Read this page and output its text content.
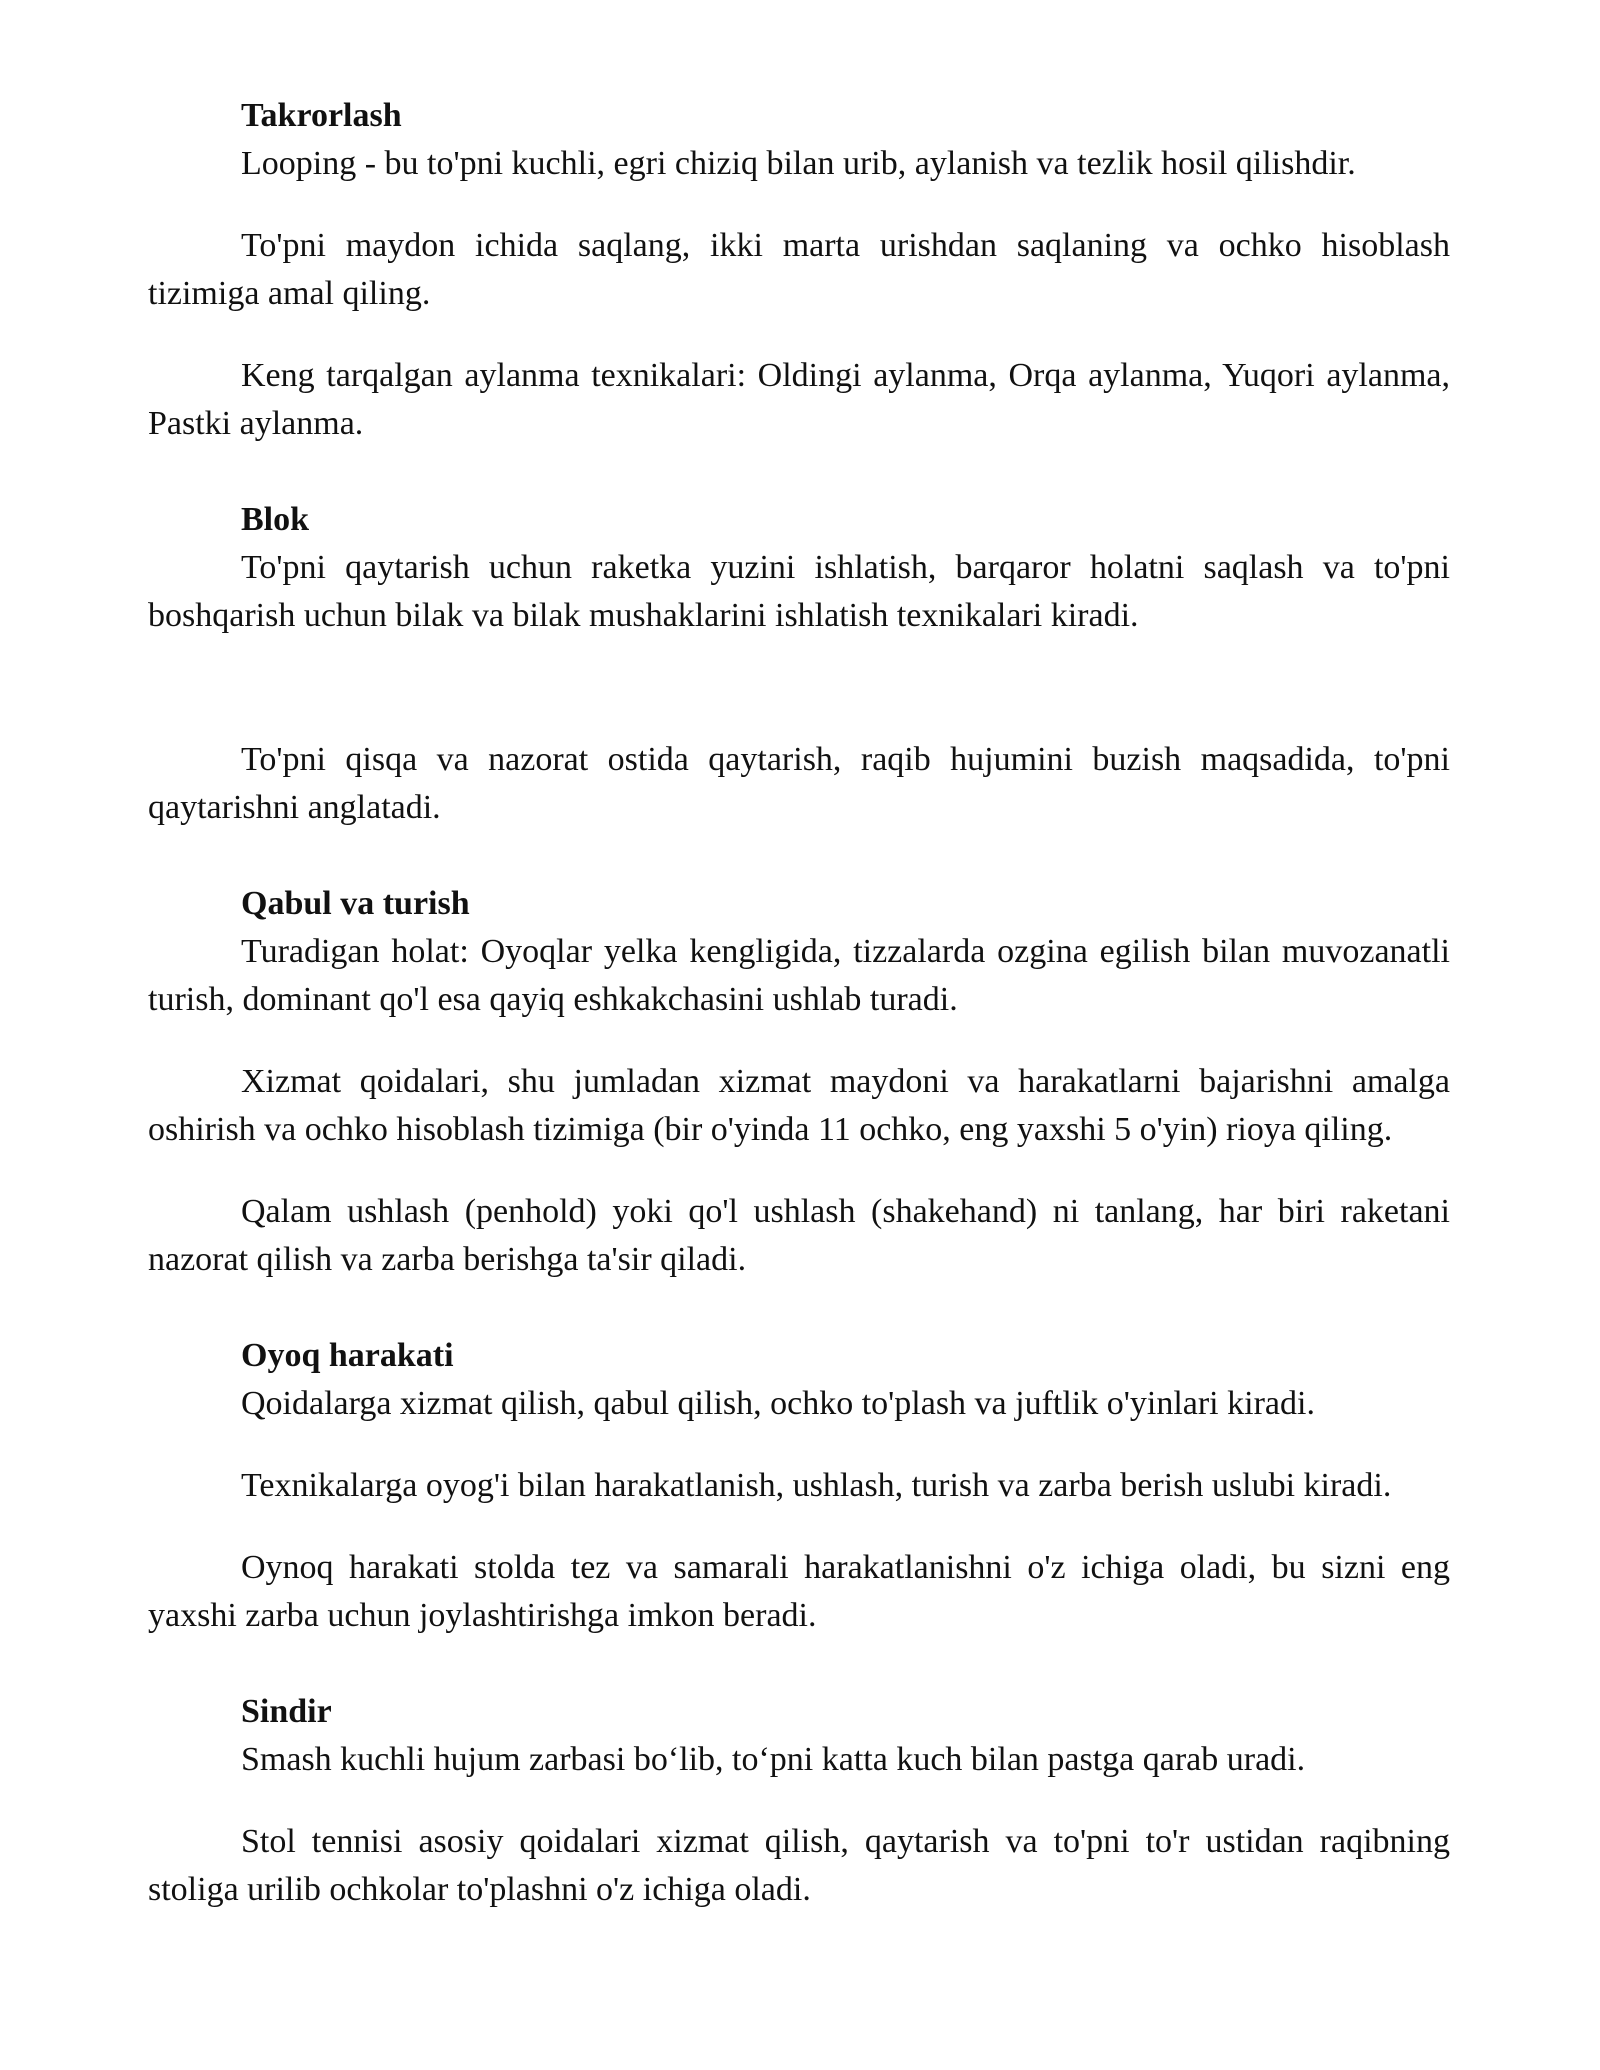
Takrorlash

Looping - bu to'pni kuchli, egri chiziq bilan urib, aylanish va tezlik hosil qilishdir.

To'pni maydon ichida saqlang, ikki marta urishdan saqlaning va ochko hisoblash tizimiga amal qiling.

Keng tarqalgan aylanma texnikalari: Oldingi aylanma, Orqa aylanma, Yuqori aylanma, Pastki aylanma.

Blok

To'pni qaytarish uchun raketka yuzini ishlatish, barqaror holatni saqlash va to'pni boshqarish uchun bilak va bilak mushaklarini ishlatish texnikalari kiradi.

To'pni qisqa va nazorat ostida qaytarish, raqib hujumini buzish maqsadida, to'pni qaytarishni anglatadi.

Qabul va turish

Turadigan holat: Oyoqlar yelka kengligida, tizzalarda ozgina egilish bilan muvozanatli turish, dominant qo'l esa qayiq eshkakchasini ushlab turadi.

Xizmat qoidalari, shu jumladan xizmat maydoni va harakatlarni bajarishni amalga oshirish va ochko hisoblash tizimiga (bir o'yinda 11 ochko, eng yaxshi 5 o'yin) rioya qiling.

Qalam ushlash (penhold) yoki qo'l ushlash (shakehand) ni tanlang, har biri raketani nazorat qilish va zarba berishga ta'sir qiladi.

Oyoq harakati

Qoidalarga xizmat qilish, qabul qilish, ochko to'plash va juftlik o'yinlari kiradi.

Texnikalarga oyog'i bilan harakatlanish, ushlash, turish va zarba berish uslubi kiradi.

Oynoq harakati stolda tez va samarali harakatlanishni o'z ichiga oladi, bu sizni eng yaxshi zarba uchun joylashtirishga imkon beradi.

Sindir

Smash kuchli hujum zarbasi bo‘lib, to‘pni katta kuch bilan pastga qarab uradi.

Stol tennisi asosiy qoidalari xizmat qilish, qaytarish va to'pni to'r ustidan raqibning stoliga urilib ochkolar to'plashni o'z ichiga oladi.
